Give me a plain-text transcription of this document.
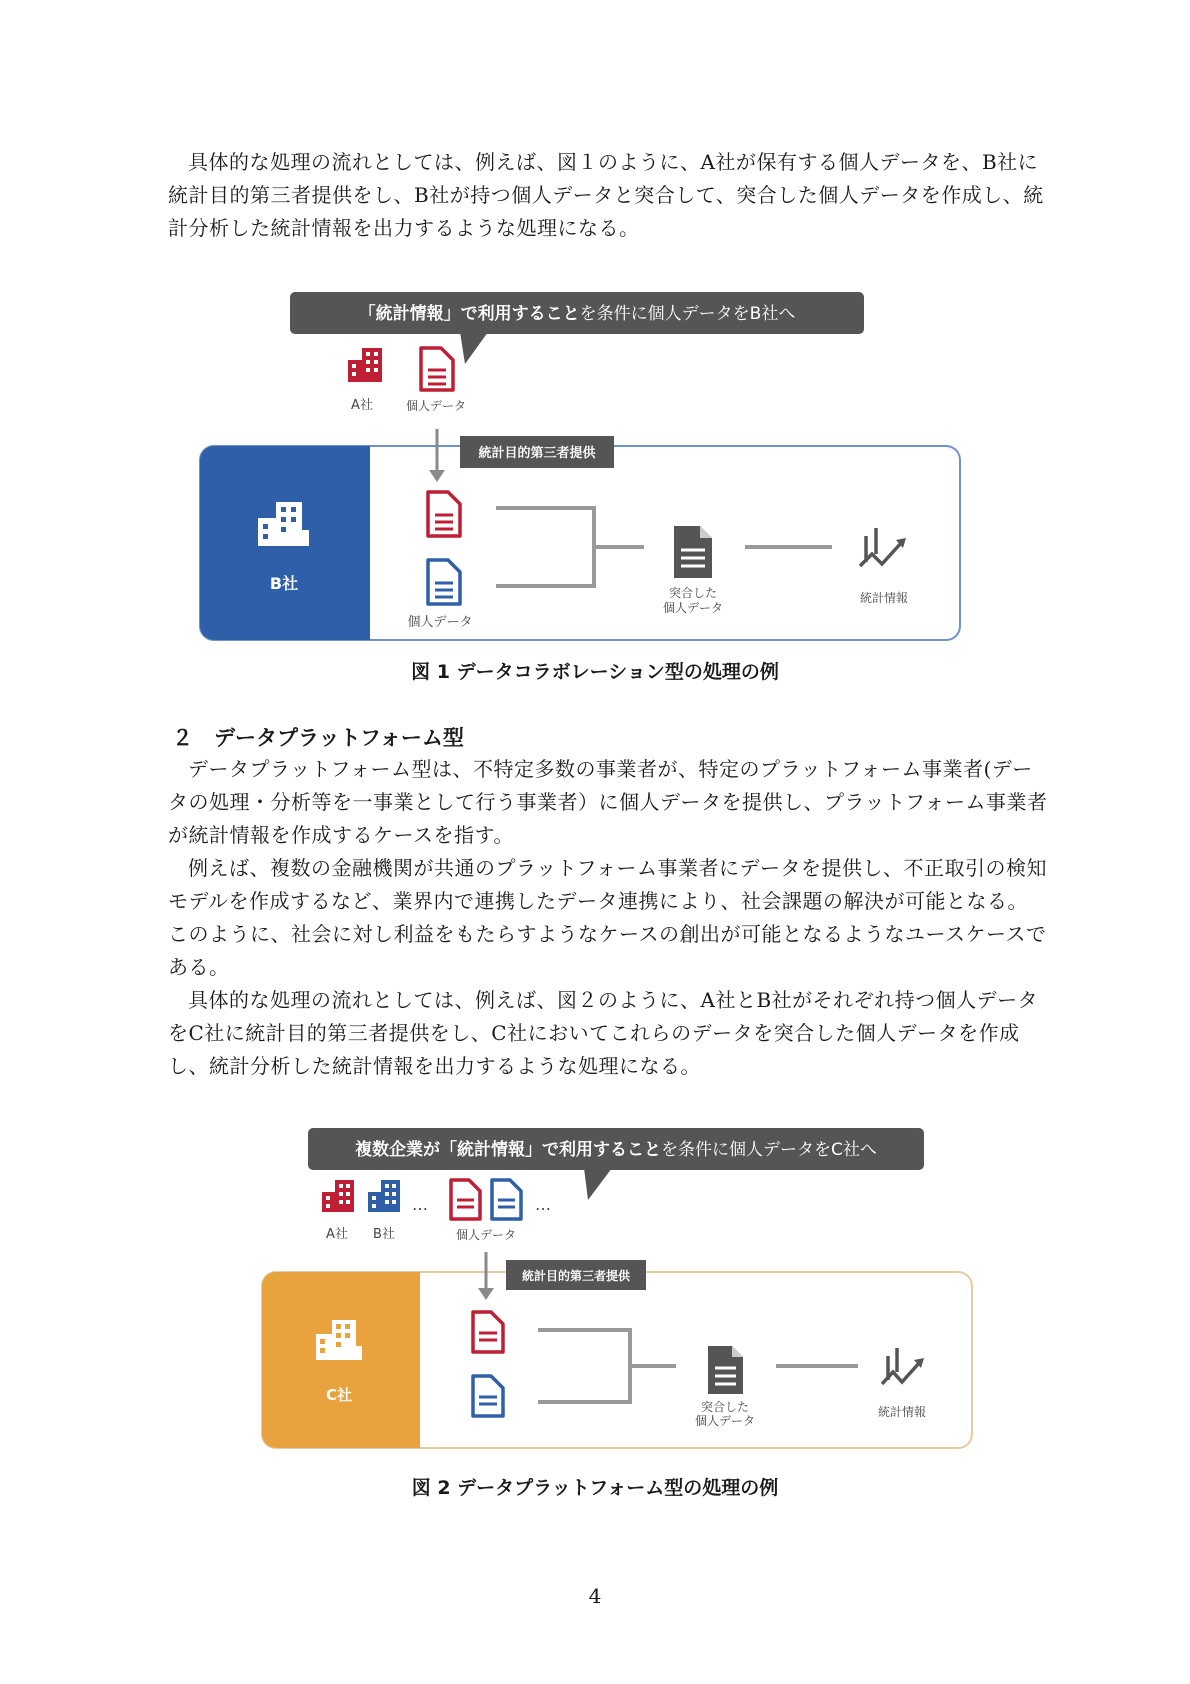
具体的な処理の流れとしては、例えば、図１のように、A社が保有する個人データを、B社に統計目的第三者提供をし、B社が持つ個人データと突合して、突合した個人データを作成し、統計分析した統計情報を出力するような処理になる。

「統計情報」で利用することを条件に個人データをB社へ
A社	個人データ
統計目的第三者提供
B社
個人データ
突合した
個人データ
統計情報

図 1 データコラボレーション型の処理の例

２　データプラットフォーム型

データプラットフォーム型は、不特定多数の事業者が、特定のプラットフォーム事業者(データの処理・分析等を一事業として行う事業者）に個人データを提供し、プラットフォーム事業者が統計情報を作成するケースを指す。

例えば、複数の金融機関が共通のプラットフォーム事業者にデータを提供し、不正取引の検知モデルを作成するなど、業界内で連携したデータ連携により、社会課題の解決が可能となる。このように、社会に対し利益をもたらすようなケースの創出が可能となるようなユースケースである。

具体的な処理の流れとしては、例えば、図２のように、A社とB社がそれぞれ持つ個人データをC社に統計目的第三者提供をし、C社においてこれらのデータを突合した個人データを作成し、統計分析した統計情報を出力するような処理になる。

複数企業が「統計情報」で利用することを条件に個人データをC社へ
A社 B社
…	…
個人データ
統計目的第三者提供
C社
突合した
個人データ
統計情報

図 2 データプラットフォーム型の処理の例

4
